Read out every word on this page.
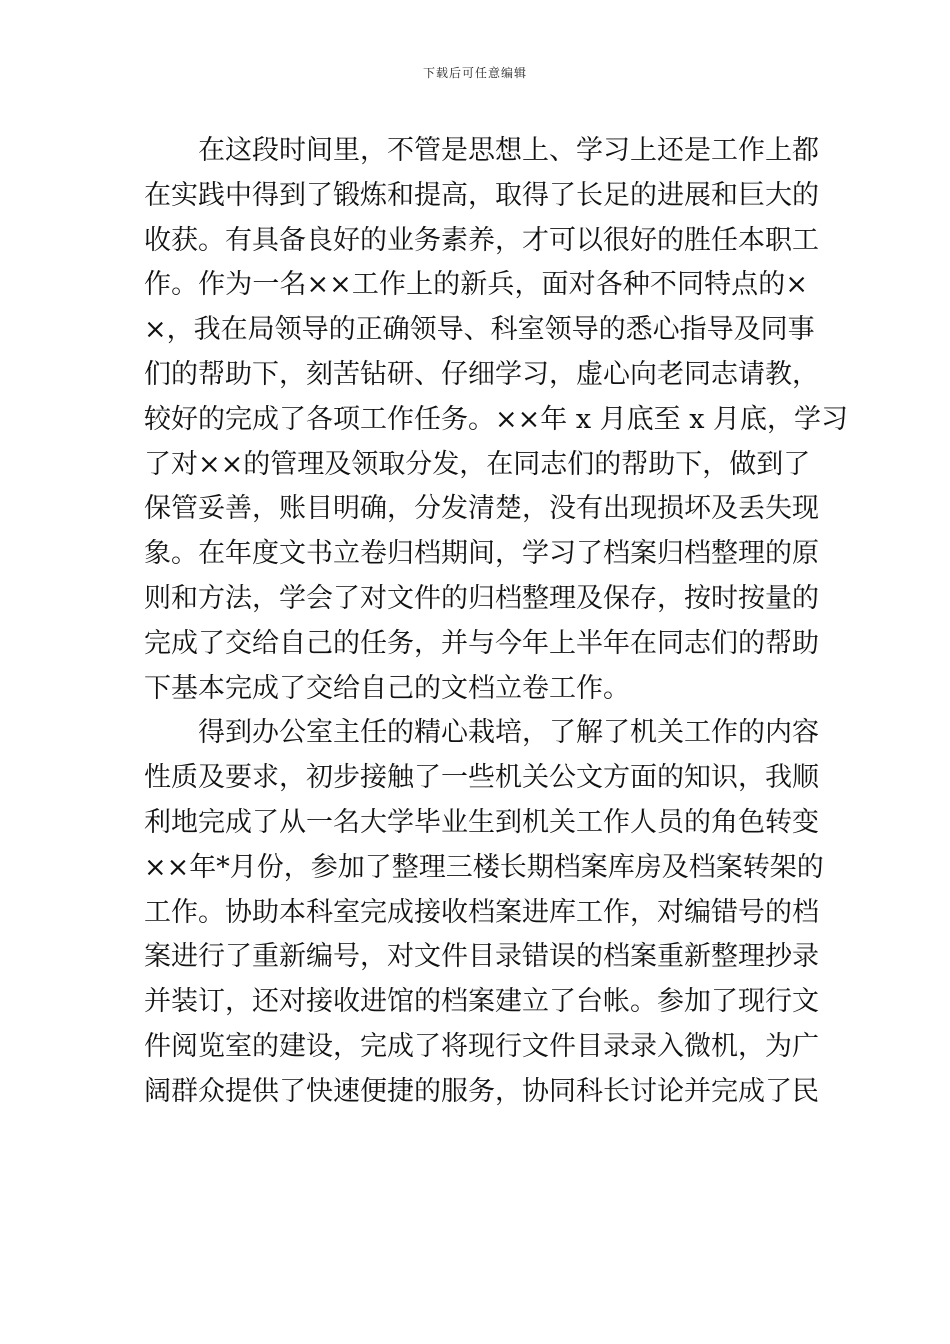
下载后可任意编辑
在这段时间里，不管是思想上、学习上还是工作上都
在实践中得到了锻炼和提高，取得了长足的进展和巨大的
收获。有具备良好的业务素养，才可以很好的胜任本职工
作。作为一名××工作上的新兵，面对各种不同特点的×
×，我在局领导的正确领导、科室领导的悉心指导及同事
们的帮助下，刻苦钻研、仔细学习，虚心向老同志请教，
较好的完成了各项工作任务。××年 x 月底至 x 月底，学习
了对××的管理及领取分发，在同志们的帮助下，做到了
保管妥善，账目明确，分发清楚，没有出现损坏及丢失现
象。在年度文书立卷归档期间，学习了档案归档整理的原
则和方法，学会了对文件的归档整理及保存，按时按量的
完成了交给自己的任务，并与今年上半年在同志们的帮助
下基本完成了交给自己的文档立卷工作。
得到办公室主任的精心栽培，了解了机关工作的内容
性质及要求，初步接触了一些机关公文方面的知识，我顺
利地完成了从一名大学毕业生到机关工作人员的角色转变
××年*月份，参加了整理三楼长期档案库房及档案转架的
工作。协助本科室完成接收档案进库工作，对编错号的档
案进行了重新编号，对文件目录错误的档案重新整理抄录
并装订，还对接收进馆的档案建立了台帐。参加了现行文
件阅览室的建设，完成了将现行文件目录录入微机，为广
阔群众提供了快速便捷的服务，协同科长讨论并完成了民
